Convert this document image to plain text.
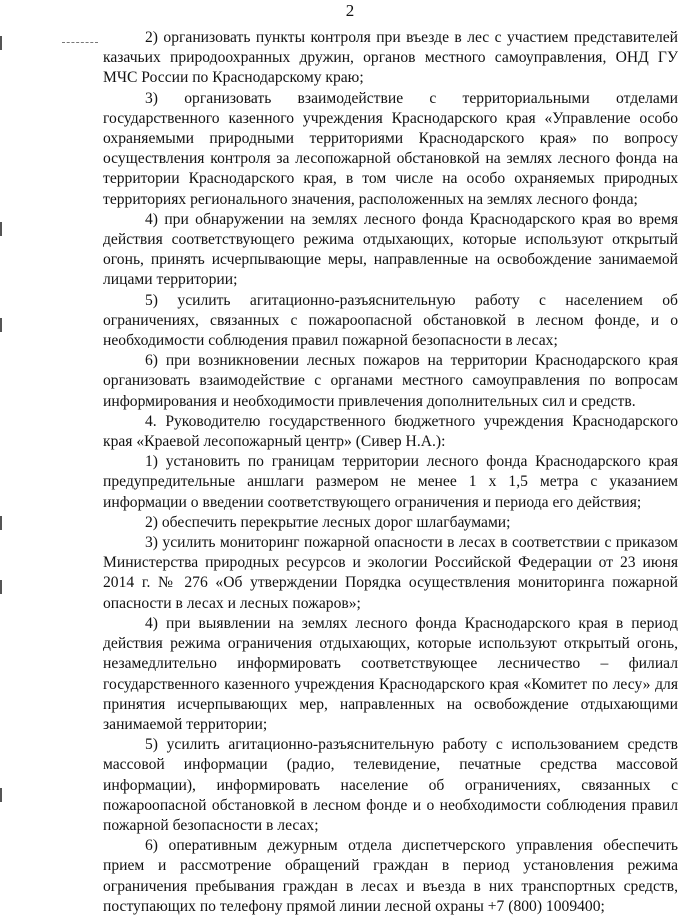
2

2) организовать пункты контроля при въезде в лес с участием представителей казачьих природоохранных дружин, органов местного самоуправления, ОНД ГУ МЧС России по Краснодарскому краю;

3) организовать взаимодействие с территориальными отделами государственного казенного учреждения Краснодарского края «Управление особо охраняемыми природными территориями Краснодарского края» по вопросу осуществления контроля за лесопожарной обстановкой на землях лесного фонда на территории Краснодарского края, в том числе на особо охраняемых природных территориях регионального значения, расположенных на землях лесного фонда;

4) при обнаружении на землях лесного фонда Краснодарского края во время действия соответствующего режима отдыхающих, которые используют открытый огонь, принять исчерпывающие меры, направленные на освобождение занимаемой лицами территории;

5) усилить агитационно-разъяснительную работу с населением об ограничениях, связанных с пожароопасной обстановкой в лесном фонде, и о необходимости соблюдения правил пожарной безопасности в лесах;

6) при возникновении лесных пожаров на территории Краснодарского края организовать взаимодействие с органами местного самоуправления по вопросам информирования и необходимости привлечения дополнительных сил и средств.

4. Руководителю государственного бюджетного учреждения Краснодарского края «Краевой лесопожарный центр» (Сивер Н.А.):

1) установить по границам территории лесного фонда Краснодарского края предупредительные аншлаги размером не менее 1 х 1,5 метра с указанием информации о введении соответствующего ограничения и периода его действия;

2) обеспечить перекрытие лесных дорог шлагбаумами;

3) усилить мониторинг пожарной опасности в лесах в соответствии с приказом Министерства природных ресурсов и экологии Российской Федерации от 23 июня 2014 г. № 276 «Об утверждении Порядка осуществления мониторинга пожарной опасности в лесах и лесных пожаров»;

4) при выявлении на землях лесного фонда Краснодарского края в период действия режима ограничения отдыхающих, которые используют открытый огонь, незамедлительно информировать соответствующее лесничество – филиал государственного казенного учреждения Краснодарского края «Комитет по лесу» для принятия исчерпывающих мер, направленных на освобождение отдыхающими занимаемой территории;

5) усилить агитационно-разъяснительную работу с использованием средств массовой информации (радио, телевидение, печатные средства массовой информации), информировать население об ограничениях, связанных с пожароопасной обстановкой в лесном фонде и о необходимости соблюдения правил пожарной безопасности в лесах;

6) оперативным дежурным отдела диспетчерского управления обеспечить прием и рассмотрение обращений граждан в период установления режима ограничения пребывания граждан в лесах и въезда в них транспортных средств, поступающих по телефону прямой линии лесной охраны +7 (800) 1009400;
